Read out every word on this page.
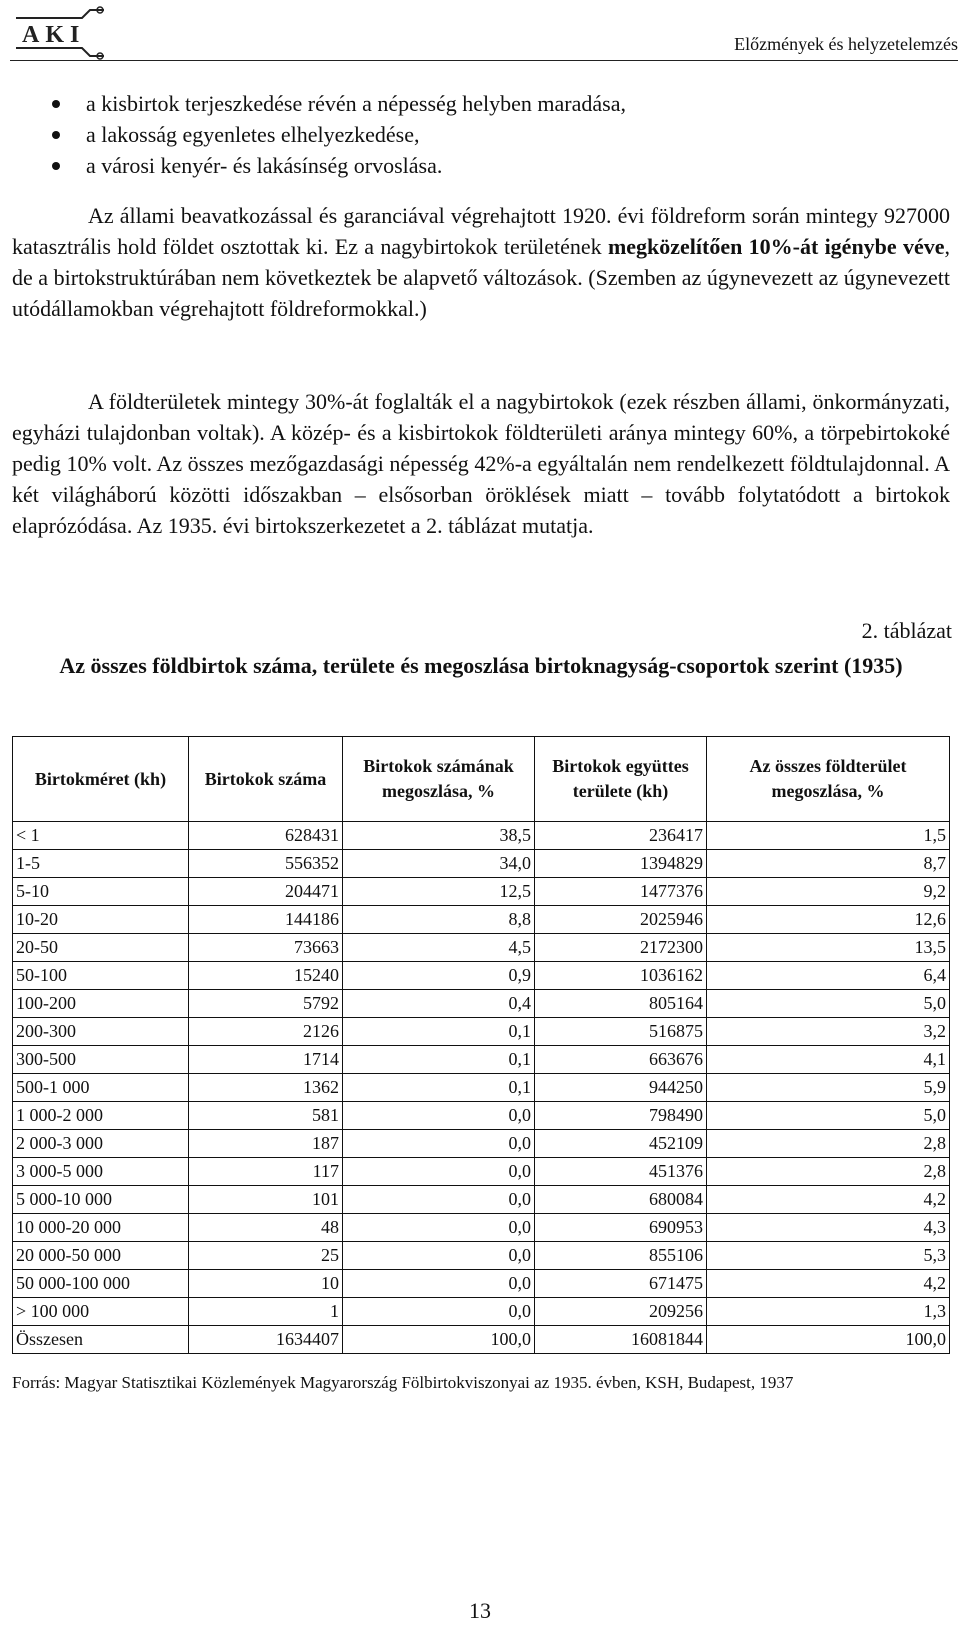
AKI	Előzmények és helyzetelemzés
a kisbirtok terjeszkedése révén a népesség helyben maradása,
a lakosság egyenletes elhelyezkedése,
a városi kenyér- és lakásínség orvoslása.

Az állami beavatkozással és garanciával végrehajtott 1920. évi földreform során mintegy 927000 katasztrális hold földet osztottak ki. Ez a nagybirtokok területének megközelítően 10%-át igénybe véve, de a birtokstruktúrában nem következtek be alapvető változások. (Szemben az úgynevezett az úgynevezett utódállamokban végrehajtott földreformokkal.)

A földterületek mintegy 30%-át foglalták el a nagybirtokok (ezek részben állami, önkormányzati, egyházi tulajdonban voltak). A közép- és a kisbirtokok földterületi aránya mintegy 60%, a törpebirtokoké pedig 10% volt. Az összes mezőgazdasági népesség 42%-a egyáltalán nem rendelkezett földtulajdonnal. A két világháború közötti időszakban – elsősorban öröklések miatt – tovább folytatódott a birtokok elaprózódása. Az 1935. évi birtokszerkezetet a 2. táblázat mutatja.

2. táblázat
Az összes földbirtok száma, területe és megoszlása birtoknagyság-csoportok szerint (1935)
Birtokméret (kh)	Birtokok száma	Birtokok számának megoszlása, %	Birtokok együttes területe (kh)	Az összes földterület megoszlása, %
< 1	628431	38,5	236417	1,5
1-5	556352	34,0	1394829	8,7
5-10	204471	12,5	1477376	9,2
10-20	144186	8,8	2025946	12,6
20-50	73663	4,5	2172300	13,5
50-100	15240	0,9	1036162	6,4
100-200	5792	0,4	805164	5,0
200-300	2126	0,1	516875	3,2
300-500	1714	0,1	663676	4,1
500-1 000	1362	0,1	944250	5,9
1 000-2 000	581	0,0	798490	5,0
2 000-3 000	187	0,0	452109	2,8
3 000-5 000	117	0,0	451376	2,8
5 000-10 000	101	0,0	680084	4,2
10 000-20 000	48	0,0	690953	4,3
20 000-50 000	25	0,0	855106	5,3
50 000-100 000	10	0,0	671475	4,2
> 100 000	1	0,0	209256	1,3
Összesen	1634407	100,0	16081844	100,0
Forrás: Magyar Statisztikai Közlemények Magyarország Fölbirtokviszonyai az 1935. évben, KSH, Budapest, 1937
13
